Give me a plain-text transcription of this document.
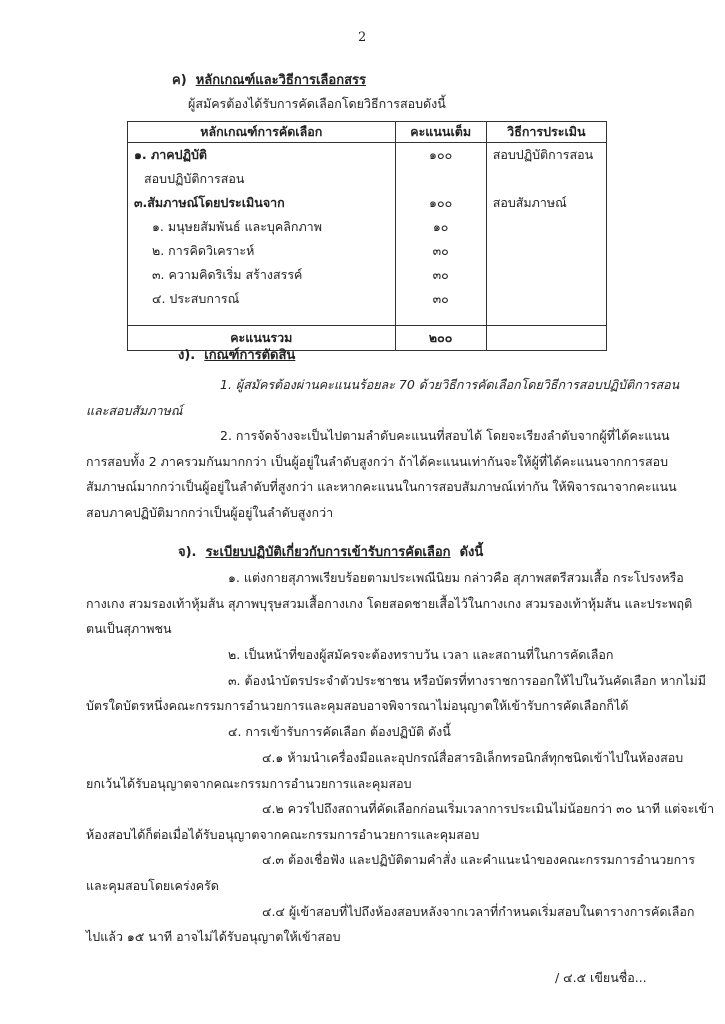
2
ค) หลักเกณฑ์และวิธีการเลือกสรร
ผู้สมัครต้องได้รับการคัดเลือกโดยวิธีการสอบดังนี้
หลักเกณฑ์การคัดเลือก	คะแนนเต็ม	วิธีการประเมิน
๑. ภาคปฏิบัติ	๑๐๐	สอบปฏิบัติการสอน
สอบปฏิบัติการสอน		
๓.สัมภาษณ์โดยประเมินจาก	๑๐๐	สอบสัมภาษณ์
๑. มนุษยสัมพันธ์ และบุคลิกภาพ	๑๐	
๒. การคิดวิเคราะห์	๓๐	
๓. ความคิดริเริ่ม สร้างสรรค์	๓๐	
๔. ประสบการณ์	๓๐	

คะแนนรวม	๒๐๐	
ง). เกณฑ์การตัดสิน
1. ผู้สมัครต้องผ่านคะแนนร้อยละ 70 ด้วยวิธีการคัดเลือกโดยวิธีการสอบปฏิบัติการสอน
และสอบสัมภาษณ์
2. การจัดจ้างจะเป็นไปตามลำดับคะแนนที่สอบได้ โดยจะเรียงลำดับจากผู้ที่ได้คะแนน
การสอบทั้ง 2 ภาครวมกันมากกว่า เป็นผู้อยู่ในลำดับสูงกว่า ถ้าได้คะแนนเท่ากันจะให้ผู้ที่ได้คะแนนจากการสอบ
สัมภาษณ์มากกว่าเป็นผู้อยู่ในลำดับที่สูงกว่า และหากคะแนนในการสอบสัมภาษณ์เท่ากัน ให้พิจารณาจากคะแนน
สอบภาคปฏิบัติมากกว่าเป็นผู้อยู่ในลำดับสูงกว่า
จ). ระเบียบปฏิบัติเกี่ยวกับการเข้ารับการคัดเลือก ดังนี้
๑. แต่งกายสุภาพเรียบร้อยตามประเพณีนิยม กล่าวคือ สุภาพสตรีสวมเสื้อ กระโปรงหรือ
กางเกง สวมรองเท้าหุ้มส้น สุภาพบุรุษสวมเสื้อกางเกง โดยสอดชายเสื้อไว้ในกางเกง สวมรองเท้าหุ้มส้น และประพฤติ
ตนเป็นสุภาพชน
๒. เป็นหน้าที่ของผู้สมัครจะต้องทราบวัน เวลา และสถานที่ในการคัดเลือก
๓. ต้องนำบัตรประจำตัวประชาชน หรือบัตรที่ทางราชการออกให้ไปในวันคัดเลือก หากไม่มี
บัตรใดบัตรหนึ่งคณะกรรมการอำนวยการและคุมสอบอาจพิจารณาไม่อนุญาตให้เข้ารับการคัดเลือกก็ได้
๔. การเข้ารับการคัดเลือก ต้องปฏิบัติ ดังนี้
๔.๑ ห้ามนำเครื่องมือและอุปกรณ์สื่อสารอิเล็กทรอนิกส์ทุกชนิดเข้าไปในห้องสอบ
ยกเว้นได้รับอนุญาตจากคณะกรรมการอำนวยการและคุมสอบ
๔.๒ ควรไปถึงสถานที่คัดเลือกก่อนเริ่มเวลาการประเมินไม่น้อยกว่า ๓๐ นาที แต่จะเข้า
ห้องสอบได้ก็ต่อเมื่อได้รับอนุญาตจากคณะกรรมการอำนวยการและคุมสอบ
๔.๓ ต้องเชื่อฟัง และปฏิบัติตามคำสั่ง และคำแนะนำของคณะกรรมการอำนวยการ
และคุมสอบโดยเคร่งครัด
๔.๔ ผู้เข้าสอบที่ไปถึงห้องสอบหลังจากเวลาที่กำหนดเริ่มสอบในตารางการคัดเลือก
ไปแล้ว ๑๕ นาที อาจไม่ได้รับอนุญาตให้เข้าสอบ
/ ๔.๕ เขียนชื่อ...
